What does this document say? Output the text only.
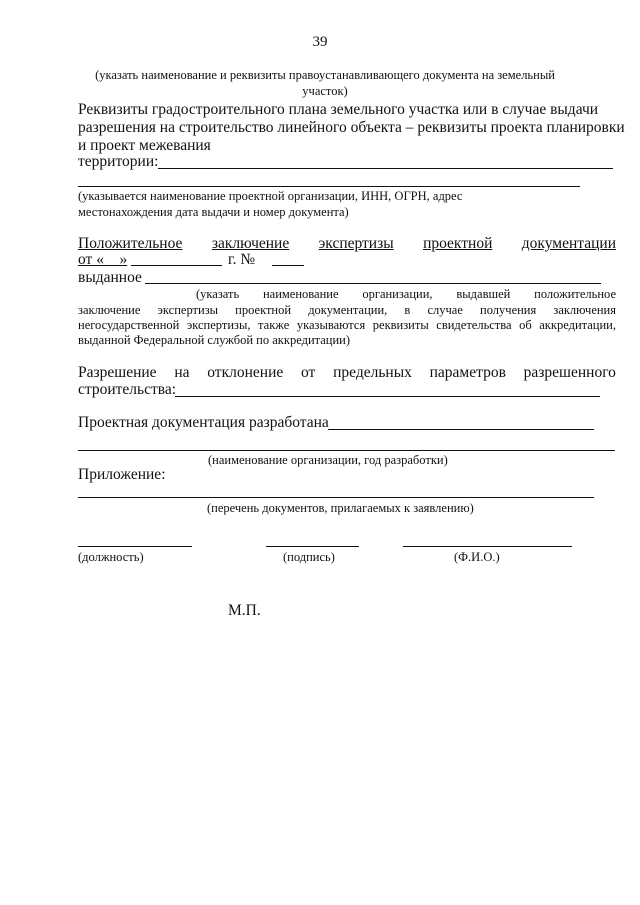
39
(указать наименование и реквизиты правоустанавливающего документа на земельный участок)
Реквизиты градостроительного плана земельного участка или в случае выдачи
разрешения на строительство линейного объекта – реквизиты проекта планировки
и проект межевания
территории:
(указывается наименование проектной организации, ИНН, ОГРН, адрес
местонахождения дата выдачи и номер документа)
Положительное заключение экспертизы проектной документации
от «__»	г. №
выданное
(указать наименование организации, выдавшей положительное
заключение экспертизы проектной документации, в случае получения заключения
негосударственной экспертизы, также указываются реквизиты свидетельства об аккредитации,
выданной Федеральной службой по аккредитации)
Разрешение на отклонение от предельных параметров разрешенного
строительства:
Проектная документация разработана
(наименование организации, год разработки)
Приложение:
(перечень документов, прилагаемых к заявлению)
(должность)	(подпись)	(Ф.И.О.)
М.П.
